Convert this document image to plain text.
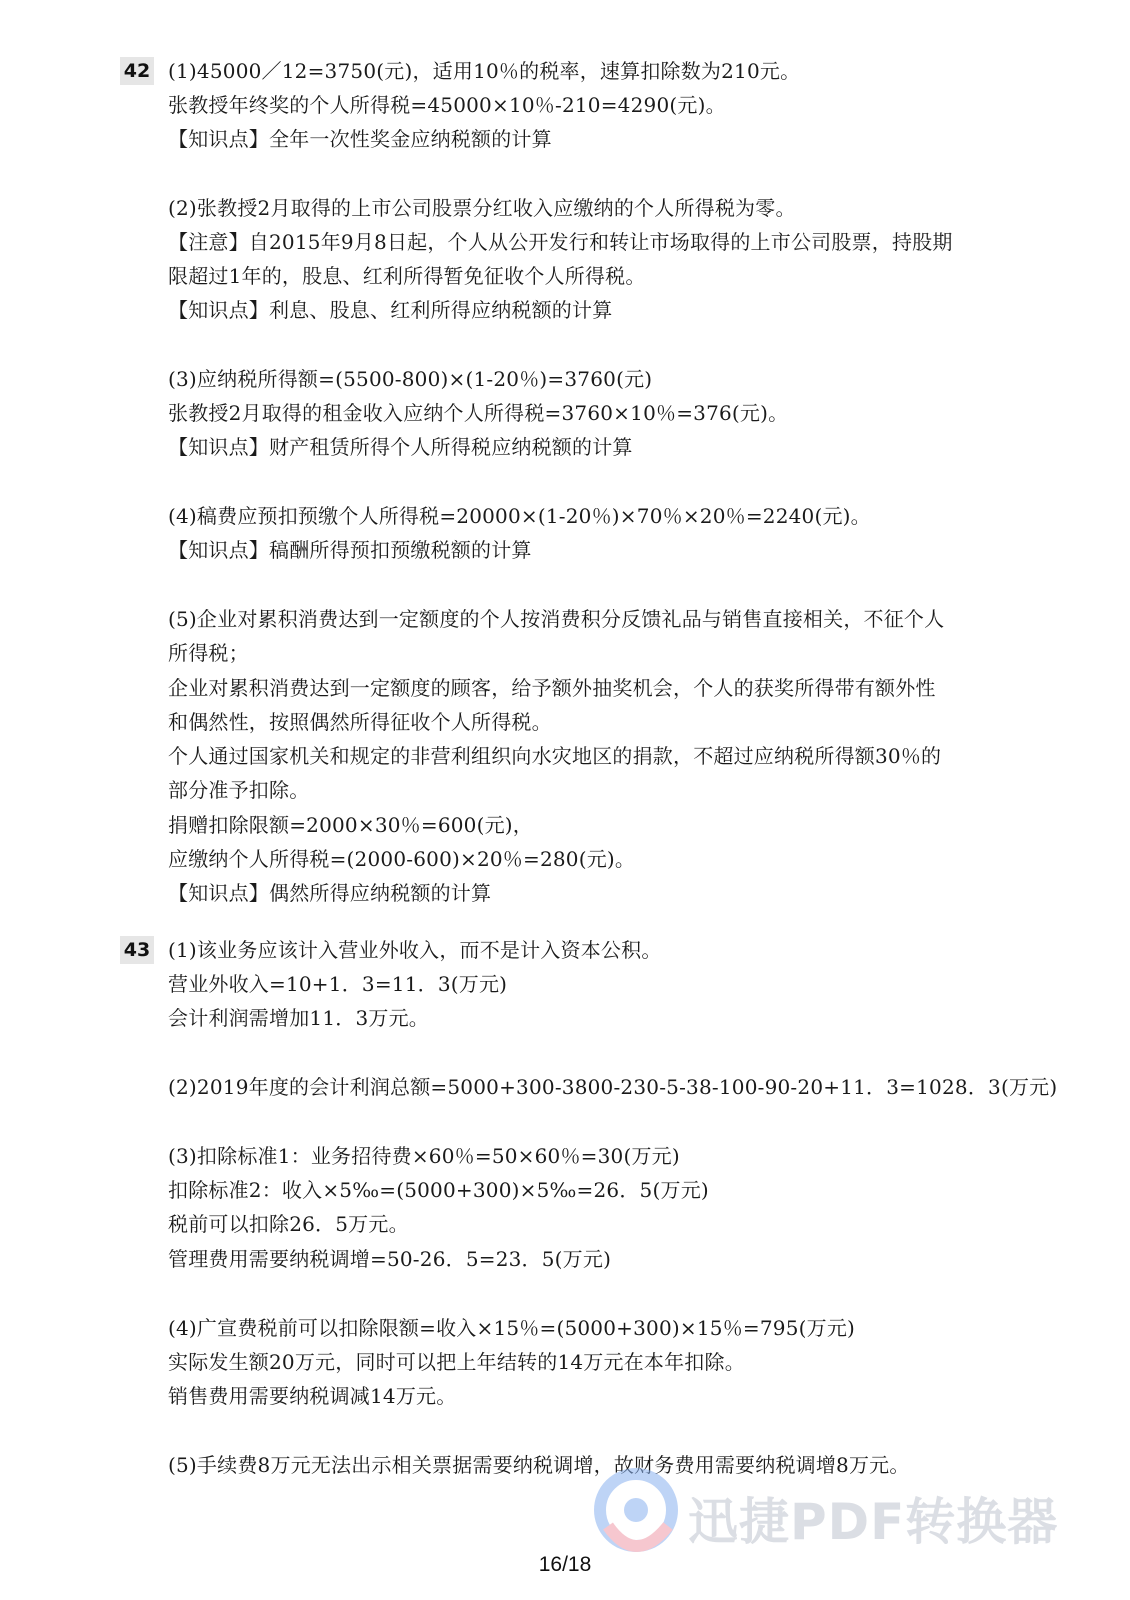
42 (1)45000／12=3750(元)，适用10％的税率，速算扣除数为210元。
张教授年终奖的个人所得税=45000×10％-210=4290(元)。
【知识点】全年一次性奖金应纳税额的计算
(2)张教授2月取得的上市公司股票分红收入应缴纳的个人所得税为零。
【注意】自2015年9月8日起，个人从公开发行和转让市场取得的上市公司股票，持股期
限超过1年的，股息、红利所得暂免征收个人所得税。
【知识点】利息、股息、红利所得应纳税额的计算
(3)应纳税所得额=(5500-800)×(1-20％)=3760(元)
张教授2月取得的租金收入应纳个人所得税=3760×10％=376(元)。
【知识点】财产租赁所得个人所得税应纳税额的计算
(4)稿费应预扣预缴个人所得税=20000×(1-20％)×70％×20％=2240(元)。
【知识点】稿酬所得预扣预缴税额的计算
(5)企业对累积消费达到一定额度的个人按消费积分反馈礼品与销售直接相关，不征个人
所得税；
企业对累积消费达到一定额度的顾客，给予额外抽奖机会，个人的获奖所得带有额外性
和偶然性，按照偶然所得征收个人所得税。
个人通过国家机关和规定的非营利组织向水灾地区的捐款，不超过应纳税所得额30％的
部分准予扣除。
捐赠扣除限额=2000×30％=600(元)，
应缴纳个人所得税=(2000-600)×20％=280(元)。
【知识点】偶然所得应纳税额的计算
43 (1)该业务应该计入营业外收入，而不是计入资本公积。
营业外收入=10+1．3=11．3(万元)
会计利润需增加11．3万元。
(2)2019年度的会计利润总额=5000+300-3800-230-5-38-100-90-20+11．3=1028．3(万元)
(3)扣除标准1：业务招待费×60％=50×60％=30(万元)
扣除标准2：收入×5‰=(5000+300)×5‰=26．5(万元)
税前可以扣除26．5万元。
管理费用需要纳税调增=50-26．5=23．5(万元)
(4)广宣费税前可以扣除限额=收入×15％=(5000+300)×15％=795(万元)
实际发生额20万元，同时可以把上年结转的14万元在本年扣除。
销售费用需要纳税调减14万元。
(5)手续费8万元无法出示相关票据需要纳税调增，故财务费用需要纳税调增8万元。
迅捷PDF转换器
16/18
